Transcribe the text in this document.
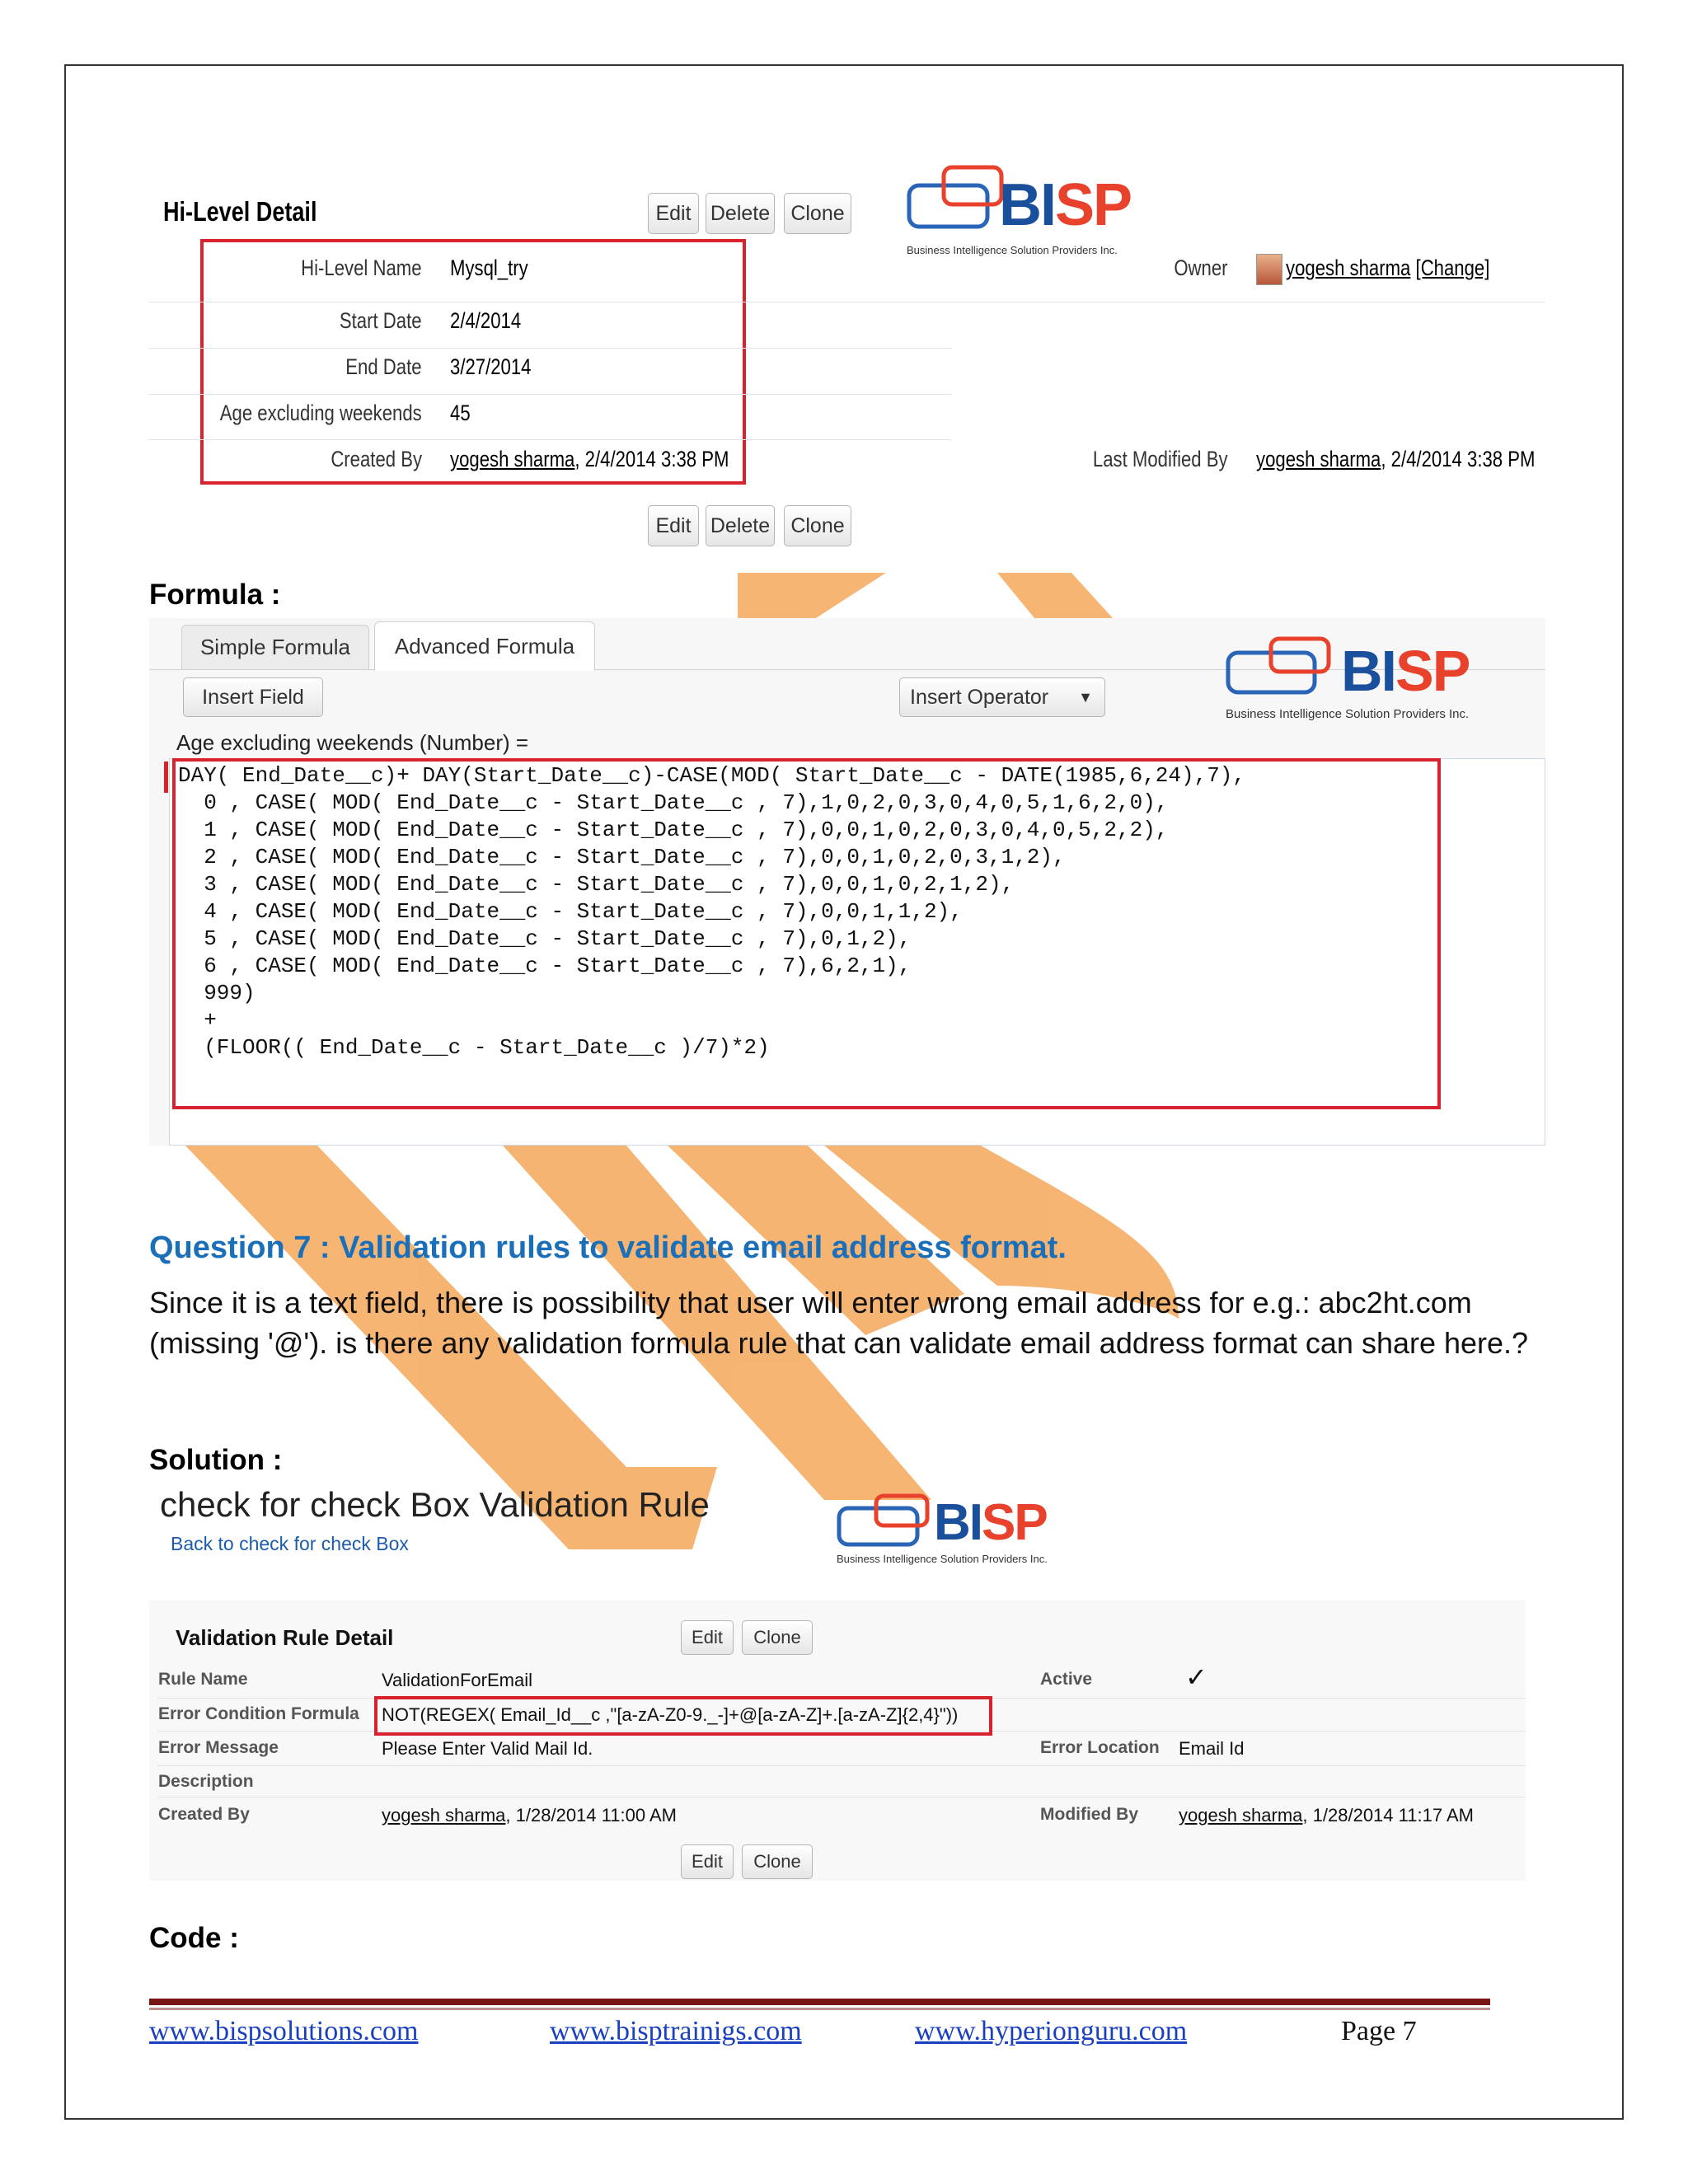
Hi-Level Detail	Edit Delete	Clone	BISP
Business Intelligence Solution Providers Inc.
Hi-Level Name Mysql_try
Start Date 2/4/2014
End Date 3/27/2014
Age excluding weekends 45
Created By yogesh sharma, 2/4/2014 3:38 PM
Owner	yogesh sharma [Change]
Last Modified By yogesh sharma, 2/4/2014 3:38 PM
Edit Delete	Clone
Formula :
Simple Formula	Advanced Formula
Insert Field	Insert Operator ▼	BISP
Business Intelligence Solution Providers Inc.
Age excluding weekends (Number) =
DAY( End_Date__c)+ DAY(Start_Date__c)-CASE(MOD( Start_Date__c - DATE(1985,6,24),7),
0 , CASE( MOD( End_Date__c - Start_Date__c , 7),1,0,2,0,3,0,4,0,5,1,6,2,0),
1 , CASE( MOD( End_Date__c - Start_Date__c , 7),0,0,1,0,2,0,3,0,4,0,5,2,2),
2 , CASE( MOD( End_Date__c - Start_Date__c , 7),0,0,1,0,2,0,3,1,2),
3 , CASE( MOD( End_Date__c - Start_Date__c , 7),0,0,1,0,2,1,2),
4 , CASE( MOD( End_Date__c - Start_Date__c , 7),0,0,1,1,2),
5 , CASE( MOD( End_Date__c - Start_Date__c , 7),0,1,2),
6 , CASE( MOD( End_Date__c - Start_Date__c , 7),6,2,1),
999)
+
(FLOOR(( End_Date__c - Start_Date__c )/7)*2)
Question 7 : Validation rules to validate email address format.
Since it is a text field, there is possibility that user will enter wrong email address for e.g.: abc2ht.com (missing '@'). is there any validation formula rule that can validate email address format can share here.?
Solution :
check for check Box Validation Rule
Back to check for check Box	BISP
Business Intelligence Solution Providers Inc.
Validation Rule Detail	Edit	Clone
Rule Name	ValidationForEmail	Active	✓
Error Condition Formula NOT(REGEX( Email_Id__c ,"[a-zA-Z0-9._-]+@[a-zA-Z]+.[a-zA-Z]{2,4}"))
Error Message	Please Enter Valid Mail Id.	Error Location Email Id
Description
Created By	yogesh sharma, 1/28/2014 11:00 AM	Modified By yogesh sharma, 1/28/2014 11:17 AM
Edit	Clone
Code :
www.bispsolutions.com	www.bisptrainigs.com	www.hyperionguru.com	Page 7
